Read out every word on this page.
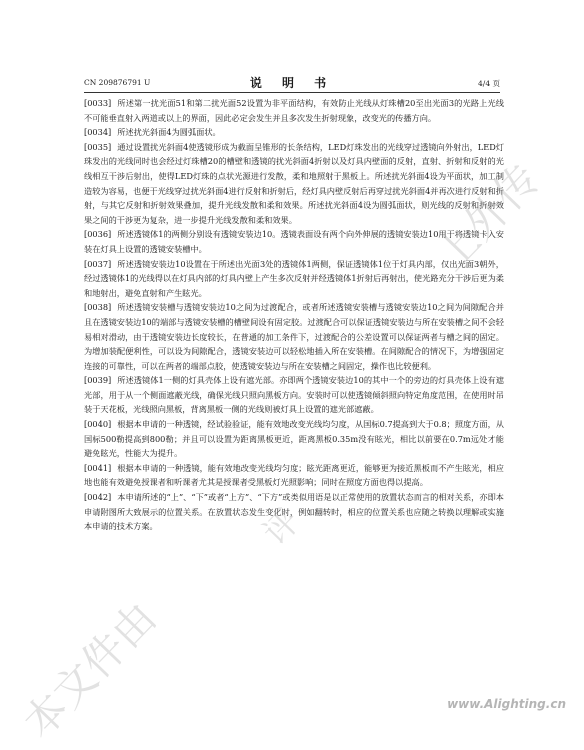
CN 209876791 U	说 明 书	4/4 页

[0033] 所述第一扰光面51和第二扰光面52设置为非平面结构，有效防止光线从灯珠槽20至出光面3的光路上光线不可能垂直射入两道或以上的界面，因此必定会发生并且多次发生折射现象，改变光的传播方向。

[0034] 所述扰光斜面4为圆弧面状。

[0035] 通过设置扰光斜面4使透镜形成为截面呈锥形的长条结构，LED灯珠发出的光线穿过透镜向外射出，LED灯珠发出的光线同时也会经过灯珠槽20的槽壁和透镜的扰光斜面4折射以及灯具内壁面的反射，直射、折射和反射的光线相互干涉后射出，使得LED灯珠的点状光源进行发散，柔和地照射于黑板上。所述扰光斜面4设为平面状，加工制造较为容易，也便于光线穿过扰光斜面4进行反射和折射后，经灯具内壁反射后再穿过扰光斜面4并再次进行反射和折射，与其它反射和折射效果叠加，提升光线发散和柔和效果。所述扰光斜面4设为圆弧面状，则光线的反射和折射效果之间的干涉更为复杂，进一步提升光线发散和柔和效果。

[0036] 所述透镜体1的两侧分别设有透镜安装边10。透镜表面设有两个向外伸展的透镜安装边10用于将透镜卡入安装在灯具上设置的透镜安装槽中。

[0037] 所述透镜安装边10设置在于所述出光面3处的透镜体1两侧，保证透镜体1位于灯具内部，仅出光面3朝外，经过透镜体1的光线得以在灯具内部的灯具内壁上产生多次反射并经透镜体1折射后再射出，使光路充分干涉后更为柔和地射出，避免直射和产生眩光。

[0038] 所述透镜安装槽与透镜安装边10之间为过渡配合，或者所述透镜安装槽与透镜安装边10之间为间隙配合并且在透镜安装边10的端部与透镜安装槽的槽壁间设有固定胶。过渡配合可以保证透镜安装边与所在安装槽之间不会轻易相对滑动，由于透镜安装边长度较长，在普通的加工条件下，过渡配合的公差设置可以保证两者与槽之间的固定。为增加装配便利性，可以设为间隙配合，透镜安装边可以轻松地插入所在安装槽。在间隙配合的情况下，为增强固定连接的可靠性，可以在两者的端部点胶，使透镜安装边与所在安装槽之间固定，操作也比较便利。

[0039] 所述透镜体1一侧的灯具壳体上设有遮光部。亦即两个透镜安装边10的其中一个的旁边的灯具壳体上设有遮光部，用于从一个侧面遮蔽光线，确保光线只照向黑板方向。安装时可以使透镜倾斜照向特定角度范围，在使用时吊装于天花板，光线照向黑板，背离黑板一侧的光线则被灯具上设置的遮光部遮蔽。

[0040] 根据本申请的一种透镜，经试验验证，能有效地改变光线均匀度，从国标0.7提高到大于0.8；照度方面，从国标500勒提高到800勒；并且可以设置为距离黑板更近，距离黑板0.35m没有眩光，相比以前要在0.7m远处才能避免眩光，性能大为提升。

[0041] 根据本申请的一种透镜，能有效地改变光线均匀度；眩光距离更近，能够更为接近黑板而不产生眩光，相应地也能有效避免授课者和听课者尤其是授课者受黑板灯光照影响；同时在照度方面也得以提高。

[0042] 本申请所述的“上”、“下”或者“上方”、“下方”或类似用语是以正常使用的放置状态而言的相对关系，亦即本申请附图所大致展示的位置关系。在放置状态发生变化时，例如翻转时，相应的位置关系也应随之转换以理解或实施本申请的技术方案。

本文件由
评
上外传
www.Alighting.cn
